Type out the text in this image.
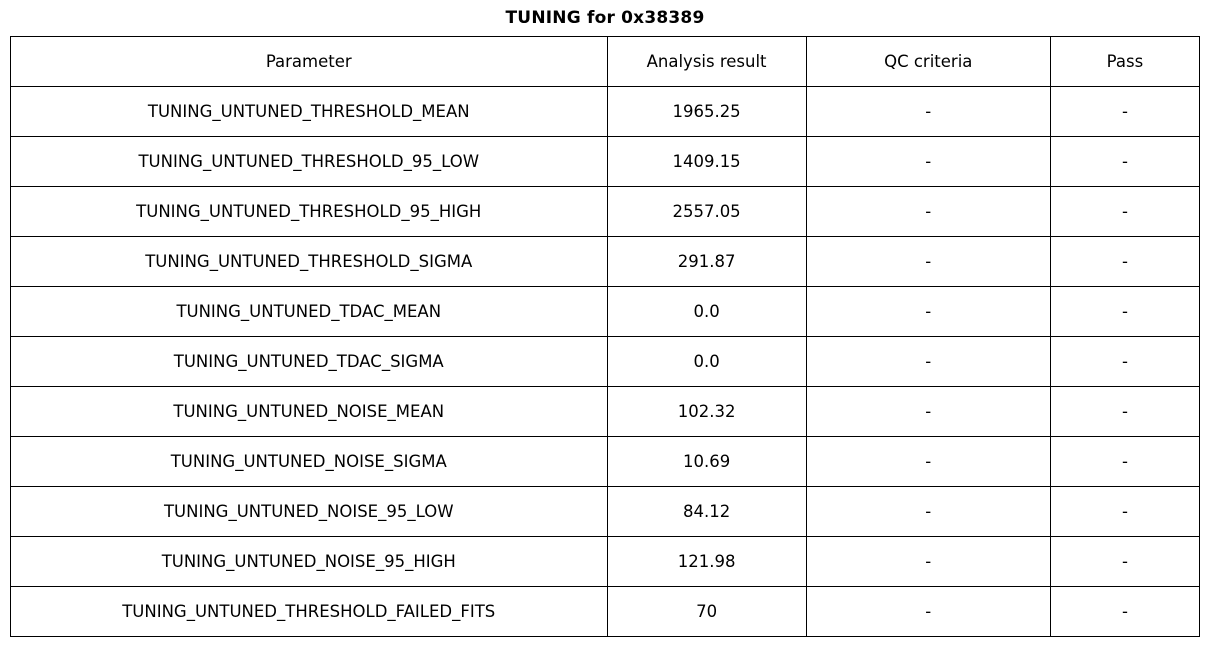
TUNING for 0x38389
Parameter	Analysis result	QC criteria	Pass
TUNING_UNTUNED_THRESHOLD_MEAN	1965.25	-	-
TUNING_UNTUNED_THRESHOLD_95_LOW	1409.15	-	-
TUNING_UNTUNED_THRESHOLD_95_HIGH	2557.05	-	-
TUNING_UNTUNED_THRESHOLD_SIGMA	291.87	-	-
TUNING_UNTUNED_TDAC_MEAN	0.0	-	-
TUNING_UNTUNED_TDAC_SIGMA	0.0	-	-
TUNING_UNTUNED_NOISE_MEAN	102.32	-	-
TUNING_UNTUNED_NOISE_SIGMA	10.69	-	-
TUNING_UNTUNED_NOISE_95_LOW	84.12	-	-
TUNING_UNTUNED_NOISE_95_HIGH	121.98	-	-
TUNING_UNTUNED_THRESHOLD_FAILED_FITS	70	-	-
